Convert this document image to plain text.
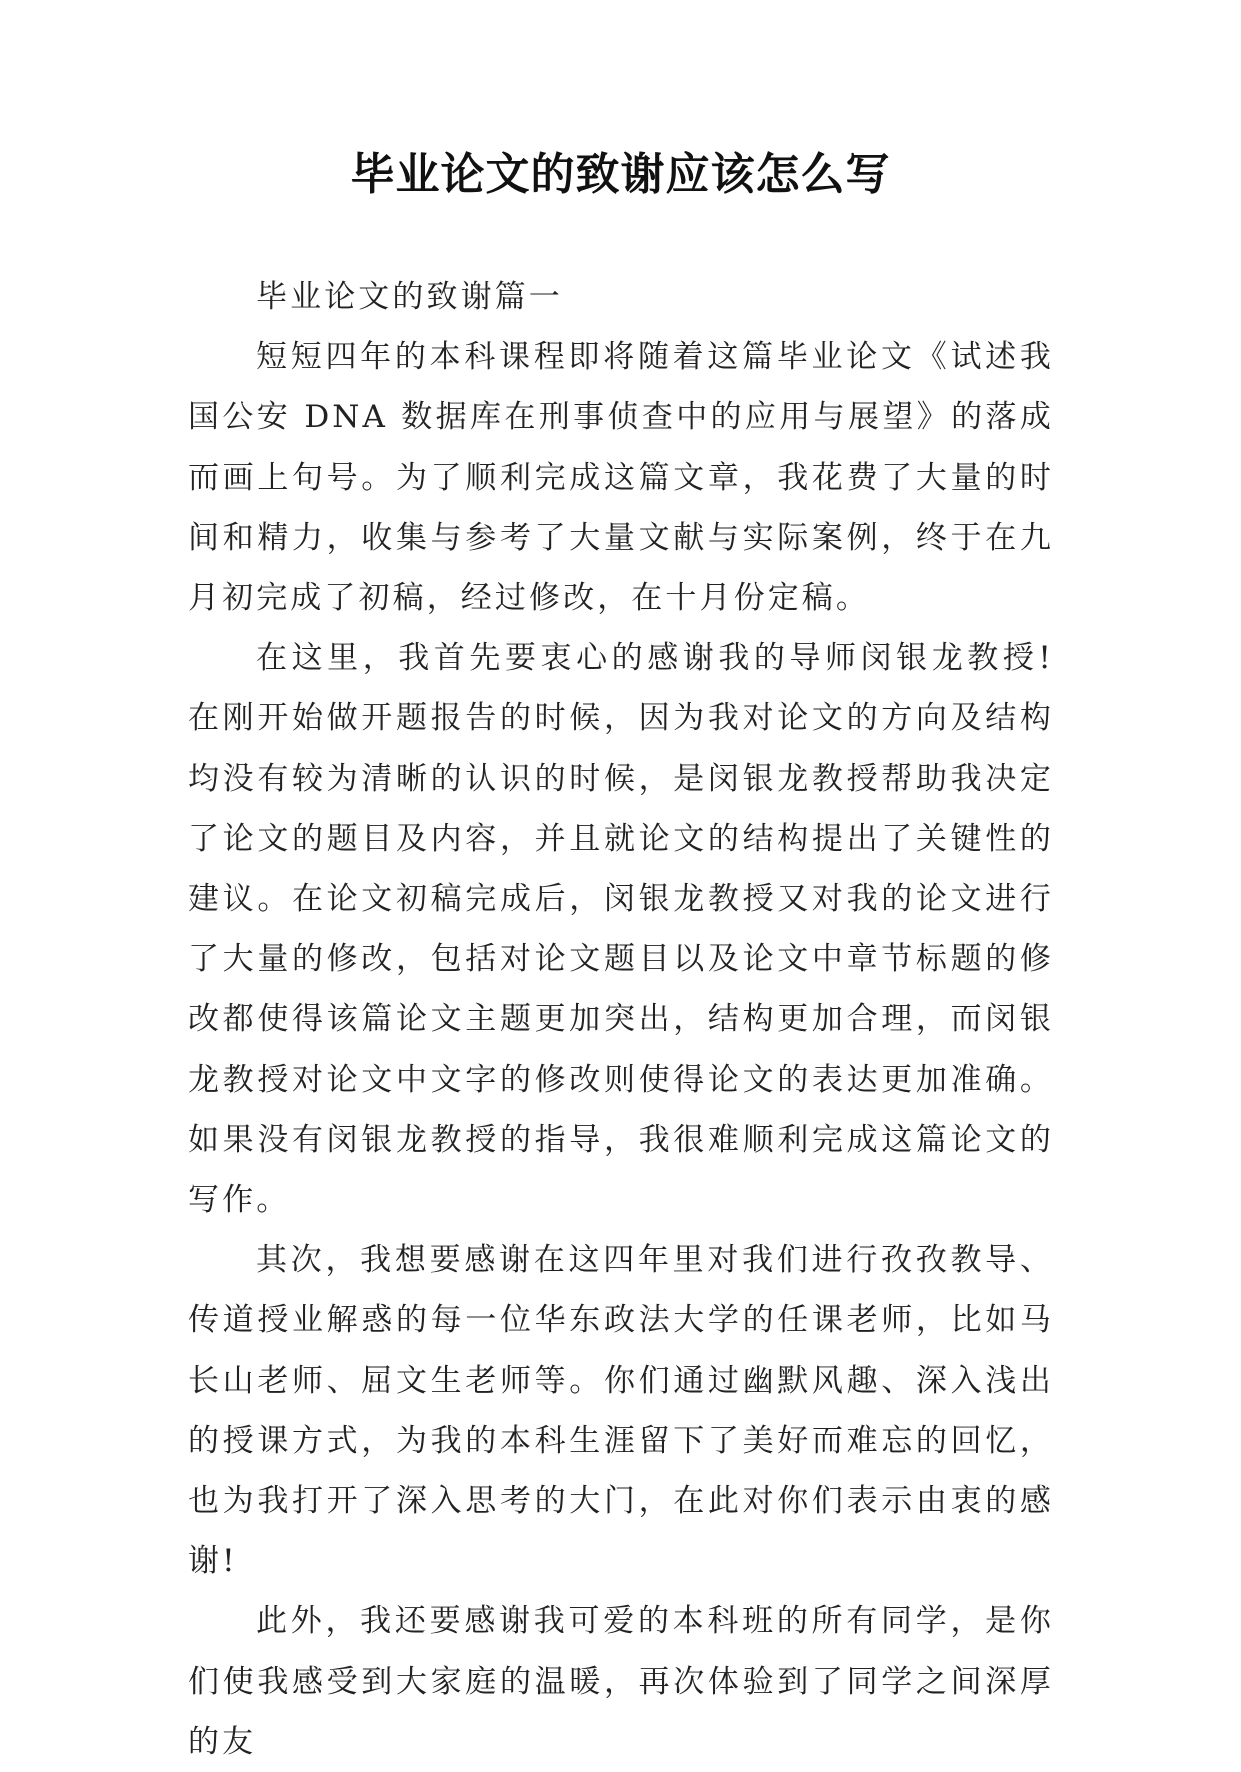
毕业论文的致谢应该怎么写

毕业论文的致谢篇一

短短四年的本科课程即将随着这篇毕业论文《试述我国公安 DNA 数据库在刑事侦查中的应用与展望》的落成而画上句号。为了顺利完成这篇文章，我花费了大量的时间和精力，收集与参考了大量文献与实际案例，终于在九月初完成了初稿，经过修改，在十月份定稿。

在这里，我首先要衷心的感谢我的导师闵银龙教授!在刚开始做开题报告的时候，因为我对论文的方向及结构均没有较为清晰的认识的时候，是闵银龙教授帮助我决定了论文的题目及内容，并且就论文的结构提出了关键性的建议。在论文初稿完成后，闵银龙教授又对我的论文进行了大量的修改，包括对论文题目以及论文中章节标题的修改都使得该篇论文主题更加突出，结构更加合理，而闵银龙教授对论文中文字的修改则使得论文的表达更加准确。如果没有闵银龙教授的指导，我很难顺利完成这篇论文的写作。

其次，我想要感谢在这四年里对我们进行孜孜教导、传道授业解惑的每一位华东政法大学的任课老师，比如马长山老师、屈文生老师等。你们通过幽默风趣、深入浅出的授课方式，为我的本科生涯留下了美好而难忘的回忆，也为我打开了深入思考的大门，在此对你们表示由衷的感谢!

此外，我还要感谢我可爱的本科班的所有同学，是你们使我感受到大家庭的温暖，再次体验到了同学之间深厚的友
